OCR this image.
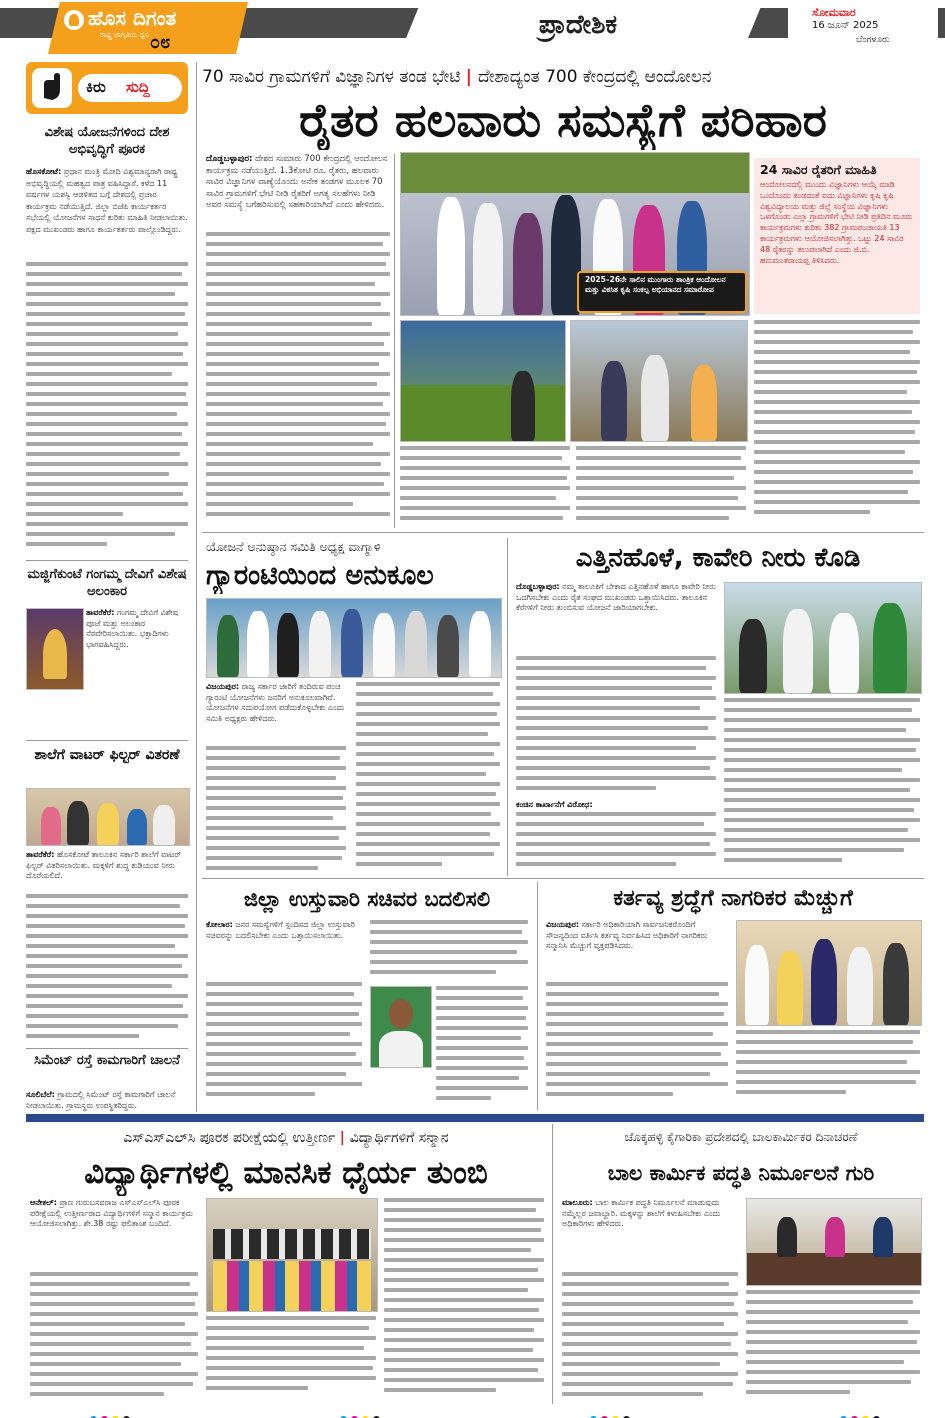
ಹೊಸ ದಿಗಂತ
ರಾಷ್ಟ್ರ ಜಾಗೃತಿಯ ಧ್ವನಿ ೦೮
ಪ್ರಾದೇಶಿಕ	ಸೋಮವಾರ
16 ಜೂನ್ 2025
ಬೆಂಗಳೂರು
ಕಿರು	ಸುದ್ದಿ
ವಿಶೇಷ ಯೋಜನೆಗಳಿಂದ ದೇಶ ಅಭಿವೃದ್ಧಿಗೆ ಪೂರಕ
ಹೊಸಕೋಟೆ: ಪ್ರಧಾನ ಮಂತ್ರಿ ಮೋದಿ ವಿಶ್ವಮಾನ್ಯರಾಗಿ ರಾಷ್ಟ್ರ ಅಭಿವೃದ್ಧಿಯಲ್ಲಿ ಮಹತ್ವದ ಪಾತ್ರ ವಹಿಸಿದ್ದಾರೆ. ಕಳೆದ 11 ವರ್ಷಗಳ ಯಶಸ್ವಿ ಆಡಳಿತದ ಬಗ್ಗೆ ದೇಶದಲ್ಲಿ ಪ್ರಚಾರ ಕಾರ್ಯಕ್ರಮ ನಡೆಯುತ್ತಿದೆ. ಜಿಲ್ಲಾ ಬಿಜೆಪಿ ಕಾರ್ಯಕರ್ತರ ಸಭೆಯಲ್ಲಿ ಯೋಜನೆಗಳ ಸಾಧನೆ ಕುರಿತು ಮಾಹಿತಿ ನೀಡಲಾಯಿತು. ಪಕ್ಷದ ಮುಖಂಡರು ಹಾಗೂ ಕಾರ್ಯಕರ್ತರು ಪಾಲ್ಗೊಂಡಿದ್ದರು.
ಮಜ್ಜಿಗೆಕುಂಟೆ ಗಂಗಮ್ಮ ದೇವಿಗೆ ವಿಶೇಷ ಅಲಂಕಾರ
ತಾವರೆಕೆರೆ: ಗಂಗಮ್ಮ ದೇವಿಗೆ ವಿಶೇಷ ಪೂಜೆ ಮತ್ತು ಅಲಂಕಾರ ನೆರವೇರಿಸಲಾಯಿತು. ಭಕ್ತಾದಿಗಳು ಭಾಗವಹಿಸಿದ್ದರು.
ಶಾಲೆಗೆ ವಾಟರ್ ಫಿಲ್ಟರ್ ವಿತರಣೆ
ತಾವರೆಕೆರೆ: ಹೊಸಕೋಟೆ ತಾಲೂಕಿನ ಸರ್ಕಾರಿ ಶಾಲೆಗೆ ವಾಟರ್ ಫಿಲ್ಟರ್ ವಿತರಿಸಲಾಯಿತು. ಮಕ್ಕಳಿಗೆ ಶುದ್ಧ ಕುಡಿಯುವ ನೀರು ದೊರೆಯಲಿದೆ.
ಸಿಮೆಂಟ್ ರಸ್ತೆ ಕಾಮಗಾರಿಗೆ ಚಾಲನೆ
ಸೂಲಿಬೆಲೆ: ಗ್ರಾಮದಲ್ಲಿ ಸಿಮೆಂಟ್ ರಸ್ತೆ ಕಾಮಗಾರಿಗೆ ಚಾಲನೆ ನೀಡಲಾಯಿತು. ಗ್ರಾಮಸ್ಥರು ಉಪಸ್ಥಿತರಿದ್ದರು.
70 ಸಾವಿರ ಗ್ರಾಮಗಳಿಗೆ ವಿಜ್ಞಾನಿಗಳ ತಂಡ ಭೇಟಿ | ದೇಶಾದ್ಯಂತ 700 ಕೇಂದ್ರದಲ್ಲಿ ಆಂದೋಲನ
ರೈತರ ಹಲವಾರು ಸಮಸ್ಯೆಗೆ ಪರಿಹಾರ
ದೊಡ್ಡಬಳ್ಳಾಪುರ: ದೇಶದ ಸುಮಾರು 700 ಕೇಂದ್ರದಲ್ಲಿ ಆಂದೋಲನ ಕಾರ್ಯಕ್ರಮ ನಡೆಯುತ್ತಿದೆ. 1.3ಕೋಟಿ ರೂ. ರೈತರು, ಹಲವಾರು ಸಾವಿರ ವಿಜ್ಞಾನಿಗಳ ವಾಣ್ಯೆಯೊಂದು ಅನೇಕ ತಂಡಗಳ ಮೂಲಕ 70 ಸಾವಿರ ಗ್ರಾಮಗಳಿಗೆ ಭೇಟಿ ನೀಡಿ ರೈತರಿಗೆ ಅಗತ್ಯ ಸಲಹೆಗಳು ನೀಡಿ ಅವರ ಸಮಸ್ಯೆ ಬಗೆಹರಿಸುವಲ್ಲಿ ಸಹಕಾರಿಯಾಗಿದೆ ಎಂದು ಹೇಳಿದರು.
2025–26ನೇ ಸಾಲಿನ ಮುಂಗಾರು ತಾಂತ್ರಿಕ ಆಂದೋಲನ ಮತ್ತು ವಿಕಸಿತ ಕೃಷಿ ಸಂಕಲ್ಪ ಅಭಿಯಾನದ ಸಮಾರೋಪ
24 ಸಾವಿರ ರೈತರಿಗೆ ಮಾಹಿತಿ
ಆಂದೋಲನದಲ್ಲಿ ಮುಂದು ವಿಜ್ಞಾನಿಗಳು ಆಯ್ಕೆ ಮಾಡಿ ಒಂದೊಂದು ತಂಡದಂತೆ ಐದು ವಿಜ್ಞಾನಿಗಳು ಕೃಷಿ ಕೃಷಿ ವಿಶ್ವವಿದ್ಯಾಲಯ ಮತ್ತು ಜಿಲ್ಲೆ ಸಂಸ್ಥೆಯ ವಿಜ್ಞಾನಿಗಳು ಒಳಗೊಂಡು ಎಲ್ಲಾ ಗ್ರಾಮಗಳಿಗೆ ಭೇಟಿ ನೀಡಿ ಪ್ರತಿದಿನ ಮೂರು ಕಾರ್ಯಕ್ರಮಗಳು ಕುರಿತು 382 ಗ್ರಾಮಪಂಚಾಯತಿ 13 ಕಾರ್ಯಕ್ರಮಗಳು ಆಯೋಜಿಸಲಾಗಿತ್ತು. ಒಟ್ಟು 24 ಸಾವಿರ 48 ರೈತರನ್ನು ತಲುಪಲಾಗಿದೆ ಎಂದು ಜಿ.ಬಿ. ಹನುಮಂತರಾಯಪ್ಪ ತಿಳಿಸಿದರು.
ಯೋಜನೆ ಅನುಷ್ಠಾನ ಸಮಿತಿ ಅಧ್ಯಕ್ಷ ವಾಗ್ಮಾಳಿ
ಗ್ಯಾರಂಟಿಯಿಂದ ಅನುಕೂಲ
ವಿಜಯಪುರ: ರಾಜ್ಯ ಸರ್ಕಾರ ಜಾರಿಗೆ ತಂದಿರುವ ಪಂಚ ಗ್ಯಾರಂಟಿ ಯೋಜನೆಗಳು ಜನರಿಗೆ ಅನುಕೂಲವಾಗಿವೆ. ಯೋಜನೆಗಳ ಸದುಪಯೋಗ ಪಡೆದುಕೊಳ್ಳಬೇಕು ಎಂದು ಸಮಿತಿ ಅಧ್ಯಕ್ಷರು ಹೇಳಿದರು.
ಎತ್ತಿನಹೊಳೆ, ಕಾವೇರಿ ನೀರು ಕೊಡಿ
ದೊಡ್ಡಬಳ್ಳಾಪುರ: ನಮ್ಮ ತಾಲೂಕಿಗೆ ಬೇಕಾದ ಎತ್ತಿನಹೊಳೆ ಹಾಗೂ ಕಾವೇರಿ ನೀರು ಒದಗಿಸಬೇಕು ಎಂದು ರೈತ ಸಂಘದ ಮುಖಂಡರು ಒತ್ತಾಯಿಸಿದರು. ತಾಲೂಕಿನ ಕೆರೆಗಳಿಗೆ ನೀರು ತುಂಬಿಸುವ ಯೋಜನೆ ಜಾರಿಯಾಗಬೇಕು.
ಕಂಚಿನ ಕಾರ್ಖಾನೆಗೆ ವಿರೋಧ:
ಜಿಲ್ಲಾ ಉಸ್ತುವಾರಿ ಸಚಿವರ ಬದಲಿಸಲಿ
ಕೋಲಾರ: ಜನರ ಸಮಸ್ಯೆಗಳಿಗೆ ಸ್ಪಂದಿಸದ ಜಿಲ್ಲಾ ಉಸ್ತುವಾರಿ ಸಚಿವರನ್ನು ಬದಲಿಸಬೇಕು ಎಂದು ಒತ್ತಾಯಿಸಲಾಯಿತು.
ಕರ್ತವ್ಯ ಶ್ರದ್ಧೆಗೆ ನಾಗರಿಕರ ಮೆಚ್ಚುಗೆ
ವಿಜಯಪುರ: ಸರ್ಕಾರಿ ಅಧಿಕಾರಿಯಾಗಿ ಸಾರ್ವಜನಿಕರೊಂದಿಗೆ ಸೌಜನ್ಯದಿಂದ ವರ್ತಿಸಿ ಕರ್ತವ್ಯ ನಿರ್ವಹಿಸಿದ ಅಧಿಕಾರಿಗೆ ನಾಗರಿಕರು ಸನ್ಮಾನಿಸಿ ಮೆಚ್ಚುಗೆ ವ್ಯಕ್ತಪಡಿಸಿದರು.
ಎಸ್ಎಸ್ಎಲ್‌ಸಿ ಪೂರಕ ಪರೀಕ್ಷೆಯಲ್ಲಿ ಉತ್ತೀರ್ಣ | ವಿದ್ಯಾರ್ಥಿಗಳಿಗೆ ಸನ್ಮಾನ
ವಿದ್ಯಾರ್ಥಿಗಳಲ್ಲಿ ಮಾನಸಿಕ ಧೈರ್ಯ ತುಂಬಿ
ಆನೇಕಲ್: ಪ್ರಾಣ ಗುರುಬಸವರಾಜ ಎಸ್‌ಎಸ್‌ಎಲ್‌ಸಿ ಪೂರಕ ಪರೀಕ್ಷೆಯಲ್ಲಿ ಉತ್ತೀರ್ಣರಾದ ವಿದ್ಯಾರ್ಥಿಗಳಿಗೆ ಸನ್ಮಾನ ಕಾರ್ಯಕ್ರಮ ಆಯೋಜಿಸಲಾಗಿತ್ತು. ಶೇ.38 ರಷ್ಟು ಫಲಿತಾಂಶ ಬಂದಿದೆ.
ಚೊಕ್ಕಹಳ್ಳಿ ಕೈಗಾರಿಕಾ ಪ್ರದೇಶದಲ್ಲಿ ಬಾಲಕಾರ್ಮಿಕರ ದಿನಾಚರಣೆ
ಬಾಲ ಕಾರ್ಮಿಕ ಪದ್ಧತಿ ನಿರ್ಮೂಲನೆ ಗುರಿ
ಮಾಲೂರು: ಬಾಲ ಕಾರ್ಮಿಕ ಪದ್ಧತಿ ನಿರ್ಮೂಲನೆ ಮಾಡುವುದು ನಮ್ಮೆಲ್ಲರ ಜವಾಬ್ದಾರಿ. ಮಕ್ಕಳನ್ನು ಶಾಲೆಗೆ ಕಳುಹಿಸಬೇಕು ಎಂದು ಅಧಿಕಾರಿಗಳು ಹೇಳಿದರು.
